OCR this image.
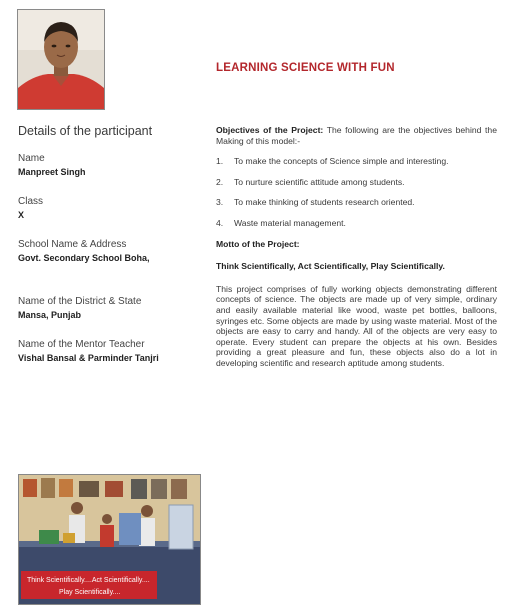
LEARNING SCIENCE WITH FUN
Details of the participant
Name
Manpreet Singh
Class
X
School Name & Address
Govt. Secondary School Boha,
Name of the District & State
Mansa, Punjab
Name of the Mentor Teacher
Vishal Bansal & Parminder Tanjri

Objectives of the Project: The following are the objectives behind the Making of this model:-

1.	To make the concepts of Science simple and interesting.
2.	To nurture scientific attitude among students.
3.	To make thinking of students research oriented.
4.	Waste material management.

Motto of the Project:

Think Scientifically, Act Scientifically, Play Scientifically.

This project comprises of fully working objects demonstrating different concepts of science. The objects are made up of very simple, ordinary and easily available material like wood, waste pet bottles, balloons, syringes etc. Some objects are made by using waste material. Most of the objects are easy to carry and handy. All of the objects are very easy to operate. Every student can prepare the objects at his own. Besides providing a great pleasure and fun, these objects also do a lot in developing scientific and research aptitude among students.

Think Scientifically....Act Scientifically....
Play Scientifically....
